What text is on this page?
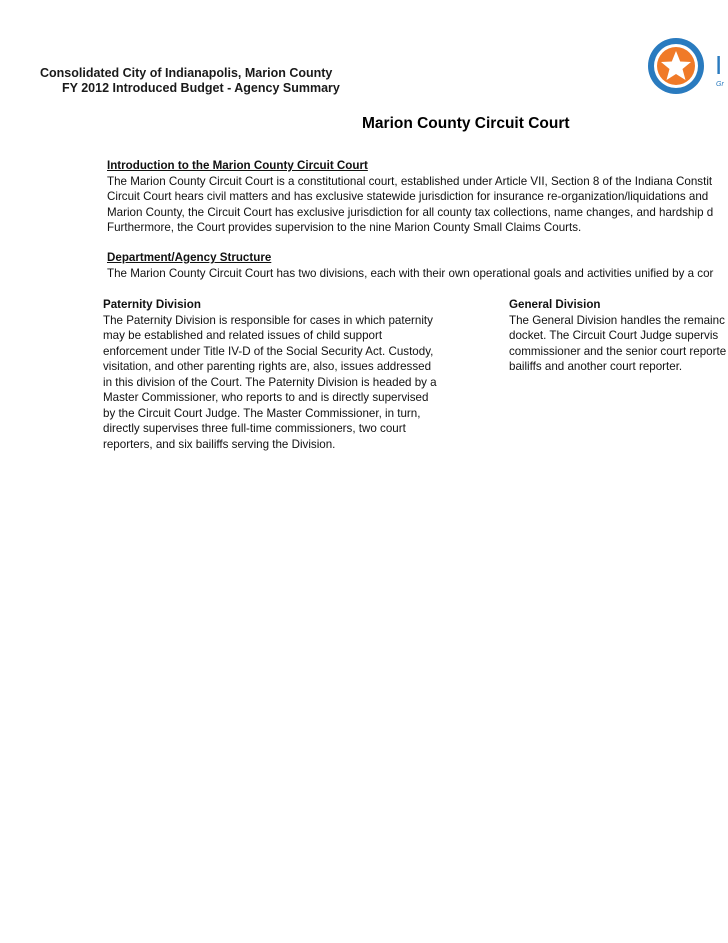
Consolidated City of Indianapolis, Marion County
FY 2012 Introduced Budget - Agency Summary
I
Gr
Marion County Circuit Court
Introduction to the Marion County Circuit Court
The Marion County Circuit Court is a constitutional court, established under Article VII, Section 8 of the Indiana Constit
Circuit Court hears civil matters and has exclusive statewide jurisdiction for insurance re-organization/liquidations and
Marion County, the Circuit Court has exclusive jurisdiction for all county tax collections, name changes, and hardship d
Furthermore, the Court provides supervision to the nine Marion County Small Claims Courts.
Department/Agency Structure
The Marion County Circuit Court has two divisions, each with their own operational goals and activities unified by a cor
Paternity Division
The Paternity Division is responsible for cases in which paternity
may be established and related issues of child support
enforcement under Title IV-D of the Social Security Act. Custody,
visitation, and other parenting rights are, also, issues addressed
in this division of the Court. The Paternity Division is headed by a
Master Commissioner, who reports to and is directly supervised
by the Circuit Court Judge. The Master Commissioner, in turn,
directly supervises three full-time commissioners, two court
reporters, and six bailiffs serving the Division.
General Division
The General Division handles the remainc
docket. The Circuit Court Judge supervis
commissioner and the senior court reporte
bailiffs and another court reporter.
